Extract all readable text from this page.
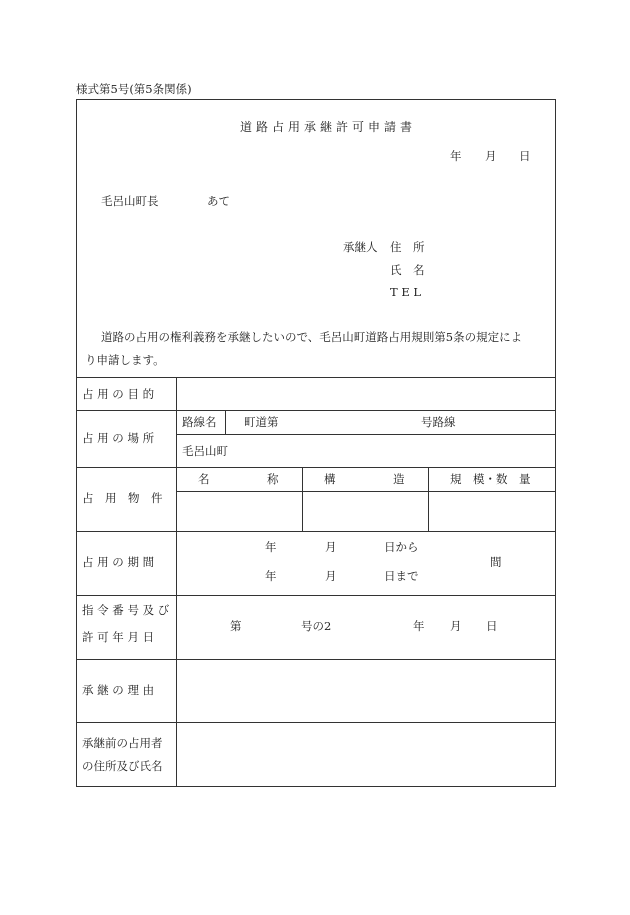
様式第5号(第5条関係)
道路占用承継許可申請書
年 月 日
毛呂山町長	あて
承継人 住　所
氏　名
T E L
道路の占用の権利義務を承継したいので、毛呂山町道路占用規則第5条の規定によ
り申請します。
占 用 の 目 的
占 用 の 場 所
路線名 町道第	号路線
毛呂山町
占　用　物　件
名　　　　　称	構　　　　　造	規　模・数　量
占 用 の 期 間
年	月	日から
年	月	日まで
間
指 令 番 号 及 び
許 可 年 月 日
第	号の2	年 月 日
承 継 の 理 由
承継前の占用者
の住所及び氏名
